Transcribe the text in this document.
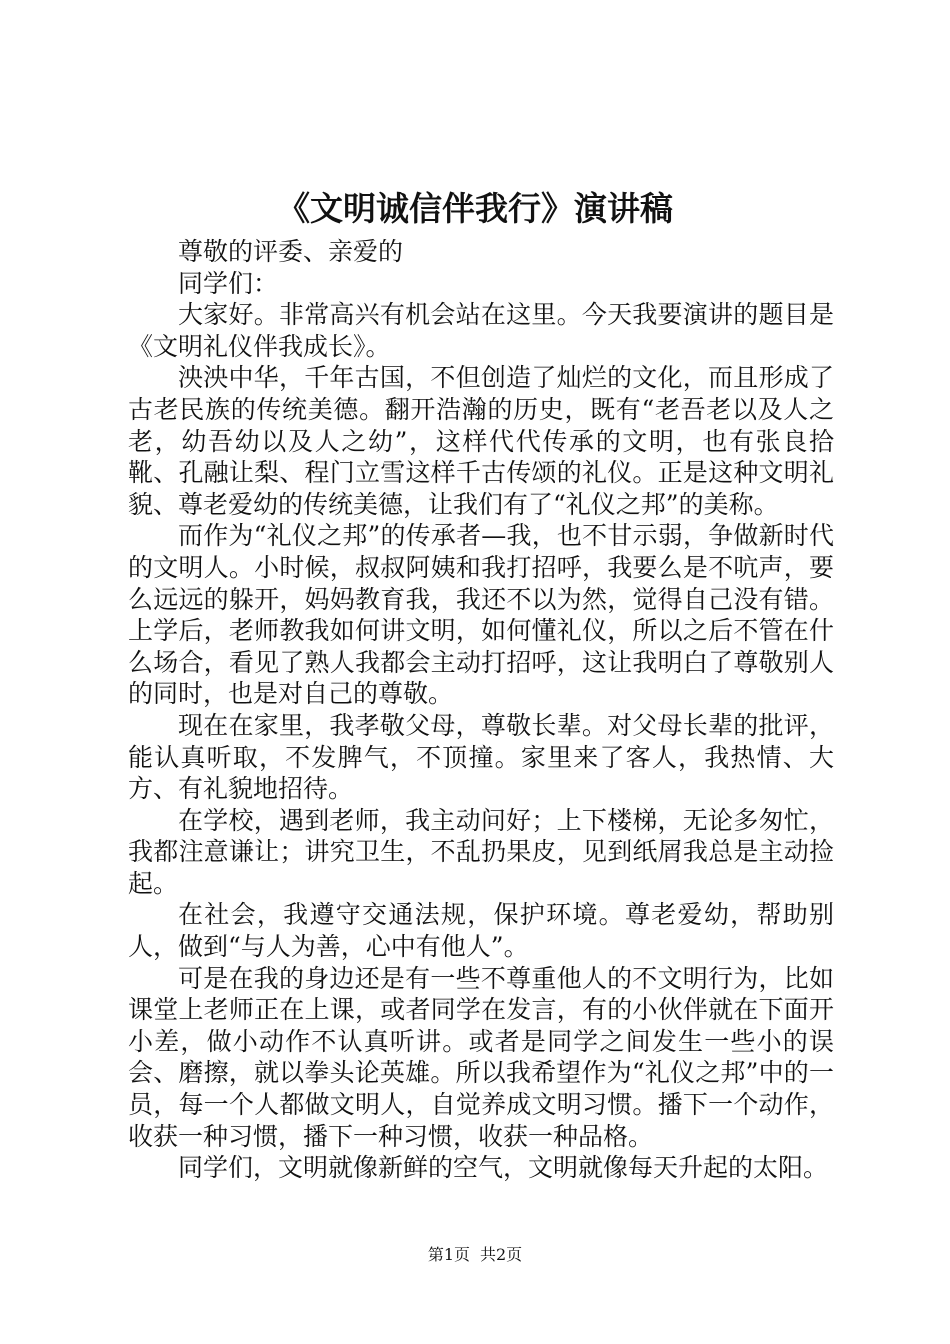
《文明诚信伴我行》演讲稿

尊敬的评委、亲爱的

同学们：

大家好。非常高兴有机会站在这里。今天我要演讲的题目是《文明礼仪伴我成长》。

泱泱中华，千年古国，不但创造了灿烂的文化，而且形成了古老民族的传统美德。翻开浩瀚的历史，既有“老吾老以及人之老，幼吾幼以及人之幼”，这样代代传承的文明，也有张良拾靴、孔融让梨、程门立雪这样千古传颂的礼仪。正是这种文明礼貌、尊老爱幼的传统美德，让我们有了“礼仪之邦”的美称。

而作为“礼仪之邦”的传承者—我，也不甘示弱，争做新时代的文明人。小时候，叔叔阿姨和我打招呼，我要么是不吭声，要么远远的躲开，妈妈教育我，我还不以为然，觉得自己没有错。上学后，老师教我如何讲文明，如何懂礼仪，所以之后不管在什么场合，看见了熟人我都会主动打招呼，这让我明白了尊敬别人的同时，也是对自己的尊敬。

现在在家里，我孝敬父母，尊敬长辈。对父母长辈的批评，能认真听取，不发脾气，不顶撞。家里来了客人，我热情、大方、有礼貌地招待。

在学校，遇到老师，我主动问好；上下楼梯，无论多匆忙，我都注意谦让；讲究卫生，不乱扔果皮，见到纸屑我总是主动捡起。

在社会，我遵守交通法规，保护环境。尊老爱幼，帮助别人，做到“与人为善，心中有他人”。

可是在我的身边还是有一些不尊重他人的不文明行为，比如课堂上老师正在上课，或者同学在发言，有的小伙伴就在下面开小差，做小动作不认真听讲。或者是同学之间发生一些小的误会、磨擦，就以拳头论英雄。所以我希望作为“礼仪之邦”中的一员，每一个人都做文明人，自觉养成文明习惯。播下一个动作，收获一种习惯，播下一种习惯，收获一种品格。

同学们，文明就像新鲜的空气，文明就像每天升起的太阳。

第1页 共2页
